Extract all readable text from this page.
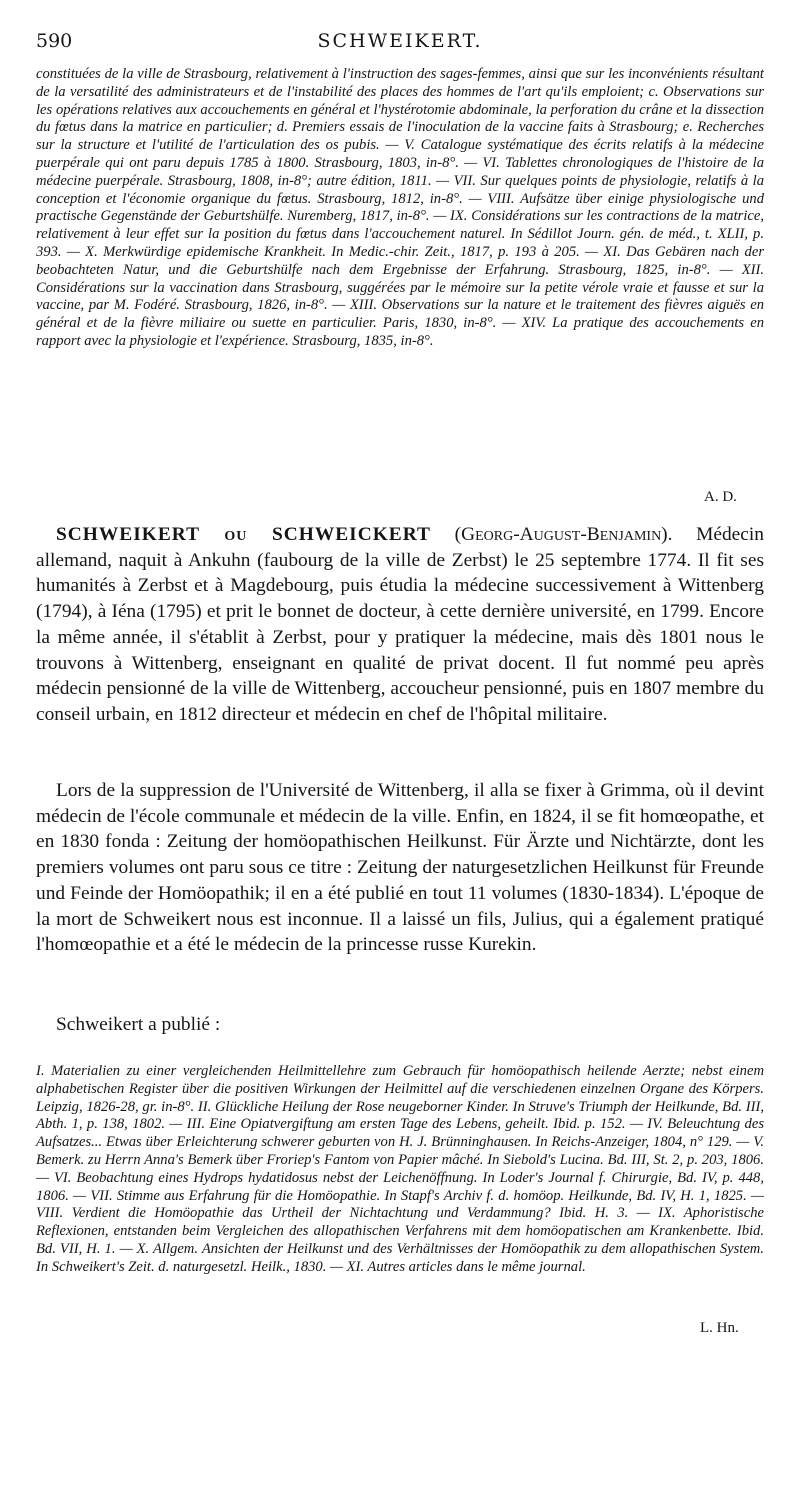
590	SCHWEIKERT.

constituées de la ville de Strasbourg, relativement à l'instruction des sages-femmes, ainsi que sur les inconvénients résultant de la versatilité des administrateurs et de l'instabilité des places des hommes de l'art qu'ils emploient; c. Observations sur les opérations relatives aux accouchements en général et l'hystérotomie abdominale, la perforation du crâne et la dissection du fœtus dans la matrice en particulier; d. Premiers essais de l'inoculation de la vaccine faits à Strasbourg; e. Recherches sur la structure et l'utilité de l'articulation des os pubis. — V. Catalogue systématique des écrits relatifs à la médecine puerpérale qui ont paru depuis 1785 à 1800. Strasbourg, 1803, in-8°. — VI. Tablettes chronologiques de l'histoire de la médecine puerpérale. Strasbourg, 1808, in-8°; autre édition, 1811. — VII. Sur quelques points de physiologie, relatifs à la conception et l'économie organique du fœtus. Strasbourg, 1812, in-8°. — VIII. Aufsätze über einige physiologische und practische Gegenstände der Geburtshülfe. Nuremberg, 1817, in-8°. — IX. Considérations sur les contractions de la matrice, relativement à leur effet sur la position du fœtus dans l'accouchement naturel. In Sédillot Journ. gén. de méd., t. XLII, p. 393. — X. Merkwürdige epidemische Krankheit. In Medic.-chir. Zeit., 1817, p. 193 à 205. — XI. Das Gebären nach der beobachteten Natur, und die Geburtshülfe nach dem Ergebnisse der Erfahrung. Strasbourg, 1825, in-8°. — XII. Considérations sur la vaccination dans Strasbourg, suggérées par le mémoire sur la petite vérole vraie et fausse et sur la vaccine, par M. Fodéré. Strasbourg, 1826, in-8°. — XIII. Observations sur la nature et le traitement des fièvres aiguës en général et de la fièvre miliaire ou suette en particulier. Paris, 1830, in-8°. — XIV. La pratique des accouchements en rapport avec la physiologie et l'expérience. Strasbourg, 1835, in-8°.

A. D.

SCHWEIKERT ou SCHWEICKERT (Georg-August-Benjamin). Médecin allemand, naquit à Ankuhn (faubourg de la ville de Zerbst) le 25 septembre 1774. Il fit ses humanités à Zerbst et à Magdebourg, puis étudia la médecine successivement à Wittenberg (1794), à Iéna (1795) et prit le bonnet de docteur, à cette dernière université, en 1799. Encore la même année, il s'établit à Zerbst, pour y pratiquer la médecine, mais dès 1801 nous le trouvons à Wittenberg, enseignant en qualité de privat docent. Il fut nommé peu après médecin pensionné de la ville de Wittenberg, accoucheur pensionné, puis en 1807 membre du conseil urbain, en 1812 directeur et médecin en chef de l'hôpital militaire.

Lors de la suppression de l'Université de Wittenberg, il alla se fixer à Grimma, où il devint médecin de l'école communale et médecin de la ville. Enfin, en 1824, il se fit homœopathe, et en 1830 fonda : Zeitung der homöopathischen Heilkunst. Für Ärzte und Nichtärzte, dont les premiers volumes ont paru sous ce titre : Zeitung der naturgesetzlichen Heilkunst für Freunde und Feinde der Homöopathik; il en a été publié en tout 11 volumes (1830-1834). L'époque de la mort de Schweikert nous est inconnue. Il a laissé un fils, Julius, qui a également pratiqué l'homœopathie et a été le médecin de la princesse russe Kurekin.

Schweikert a publié :

I. Materialien zu einer vergleichenden Heilmittellehre zum Gebrauch für homöopathisch heilende Aerzte; nebst einem alphabetischen Register über die positiven Wirkungen der Heilmittel auf die verschiedenen einzelnen Organe des Körpers. Leipzig, 1826-28, gr. in-8°. II. Glückliche Heilung der Rose neugeborner Kinder. In Struve's Triumph der Heilkunde, Bd. III, Abth. 1, p. 138, 1802. — III. Eine Opiatvergiftung am ersten Tage des Lebens, geheilt. Ibid. p. 152. — IV. Beleuchtung des Aufsatzes... Etwas über Erleichterung schwerer geburten von H. J. Brünninghausen. In Reichs-Anzeiger, 1804, n° 129. — V. Bemerk. zu Herrn Anna's Bemerk über Froriep's Fantom von Papier mâché. In Siebold's Lucina. Bd. III, St. 2, p. 203, 1806. — VI. Beobachtung eines Hydrops hydatidosus nebst der Leichenöffnung. In Loder's Journal f. Chirurgie, Bd. IV, p. 448, 1806. — VII. Stimme aus Erfahrung für die Homöopathie. In Stapf's Archiv f. d. homöop. Heilkunde, Bd. IV, H. 1, 1825. — VIII. Verdient die Homöopathie das Urtheil der Nichtachtung und Verdammung? Ibid. H. 3. — IX. Aphoristische Reflexionen, entstanden beim Vergleichen des allopathischen Verfahrens mit dem homöopatischen am Krankenbette. Ibid. Bd. VII, H. 1. — X. Allgem. Ansichten der Heilkunst und des Verhältnisses der Homöopathik zu dem allopathischen System. In Schweikert's Zeit. d. naturgesetzl. Heilk., 1830. — XI. Autres articles dans le même journal.

L. Hn.
